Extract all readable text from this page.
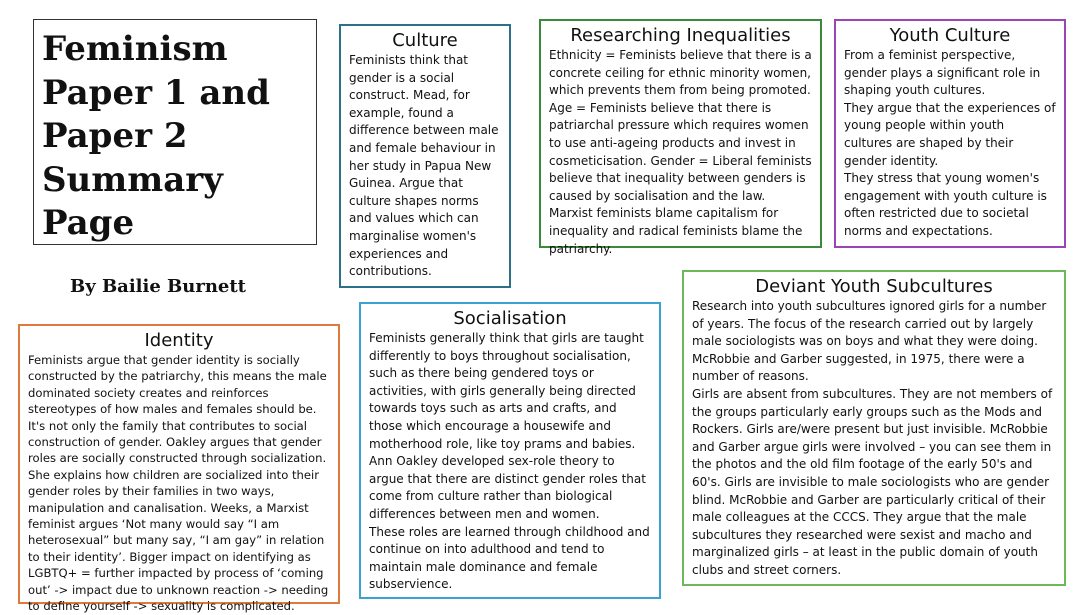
Feminism
Paper 1 and
Paper 2
Summary
Page

By Bailie Burnett

Culture

Feminists think that gender is a social construct. Mead, for example, found a difference between male and female behaviour in her study in Papua New Guinea. Argue that culture shapes norms and values which can marginalise women's experiences and contributions.

Researching Inequalities

Ethnicity = Feminists believe that there is a concrete ceiling for ethnic minority women, which prevents them from being promoted. Age = Feminists believe that there is patriarchal pressure which requires women to use anti-ageing products and invest in cosmeticisation. Gender = Liberal feminists believe that inequality between genders is caused by socialisation and the law. Marxist feminists blame capitalism for inequality and radical feminists blame the patriarchy.

Youth Culture

From a feminist perspective, gender plays a significant role in shaping youth cultures.

They argue that the experiences of young people within youth cultures are shaped by their gender identity.

They stress that young women's engagement with youth culture is often restricted due to societal norms and expectations.

Deviant Youth Subcultures

Research into youth subcultures ignored girls for a number of years. The focus of the research carried out by largely male sociologists was on boys and what they were doing. McRobbie and Garber suggested, in 1975, there were a number of reasons.

Girls are absent from subcultures. They are not members of the groups particularly early groups such as the Mods and Rockers. Girls are/were present but just invisible. McRobbie and Garber argue girls were involved – you can see them in the photos and the old film footage of the early 50's and 60's. Girls are invisible to male sociologists who are gender blind. McRobbie and Garber are particularly critical of their male colleagues at the CCCS. They argue that the male subcultures they researched were sexist and macho and marginalized girls – at least in the public domain of youth clubs and street corners.

Identity

Feminists argue that gender identity is socially constructed by the patriarchy, this means the male dominated society creates and reinforces stereotypes of how males and females should be. It's not only the family that contributes to social construction of gender. Oakley argues that gender roles are socially constructed through socialization. She explains how children are socialized into their gender roles by their families in two ways, manipulation and canalisation. Weeks, a Marxist feminist argues ‘Not many would say “I am heterosexual” but many say, “I am gay” in relation to their identity’. Bigger impact on identifying as LGBTQ+ = further impacted by process of ‘coming out’ -> impact due to unknown reaction -> needing to define yourself -> sexuality is complicated.

Socialisation

Feminists generally think that girls are taught differently to boys throughout socialisation, such as there being gendered toys or activities, with girls generally being directed towards toys such as arts and crafts, and those which encourage a housewife and motherhood role, like toy prams and babies. Ann Oakley developed sex-role theory to argue that there are distinct gender roles that come from culture rather than biological differences between men and women.

These roles are learned through childhood and continue on into adulthood and tend to maintain male dominance and female subservience.
